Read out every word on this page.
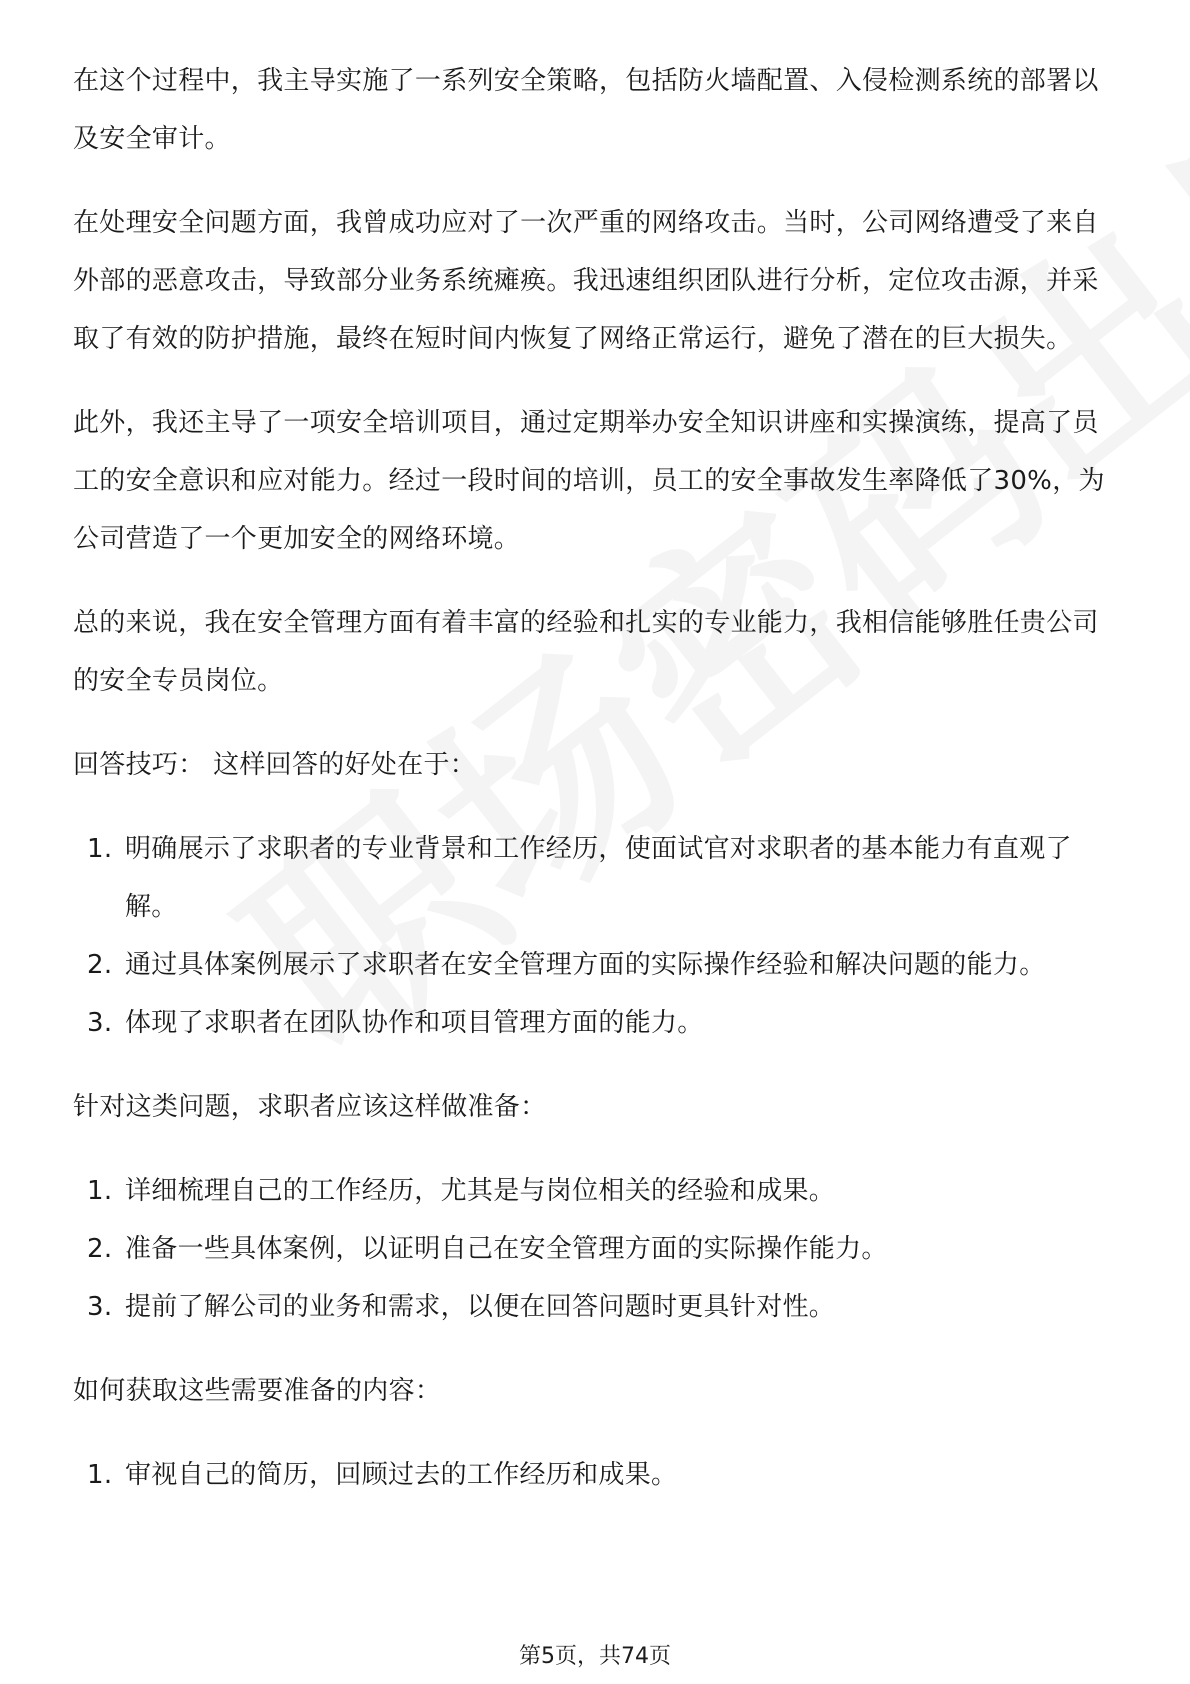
在这个过程中，我主导实施了一系列安全策略，包括防火墙配置、入侵检测系统的部署以及安全审计。

在处理安全问题方面，我曾成功应对了一次严重的网络攻击。当时，公司网络遭受了来自外部的恶意攻击，导致部分业务系统瘫痪。我迅速组织团队进行分析，定位攻击源，并采取了有效的防护措施，最终在短时间内恢复了网络正常运行，避免了潜在的巨大损失。

此外，我还主导了一项安全培训项目，通过定期举办安全知识讲座和实操演练，提高了员工的安全意识和应对能力。经过一段时间的培训，员工的安全事故发生率降低了30%，为公司营造了一个更加安全的网络环境。

总的来说，我在安全管理方面有着丰富的经验和扎实的专业能力，我相信能够胜任贵公司的安全专员岗位。

回答技巧： 这样回答的好处在于：

1. 明确展示了求职者的专业背景和工作经历，使面试官对求职者的基本能力有直观了解。
2. 通过具体案例展示了求职者在安全管理方面的实际操作经验和解决问题的能力。
3. 体现了求职者在团队协作和项目管理方面的能力。

针对这类问题，求职者应该这样做准备：

1. 详细梳理自己的工作经历，尤其是与岗位相关的经验和成果。
2. 准备一些具体案例，以证明自己在安全管理方面的实际操作能力。
3. 提前了解公司的业务和需求，以便在回答问题时更具针对性。

如何获取这些需要准备的内容：

1. 审视自己的简历，回顾过去的工作经历和成果。
第5页，共74页
